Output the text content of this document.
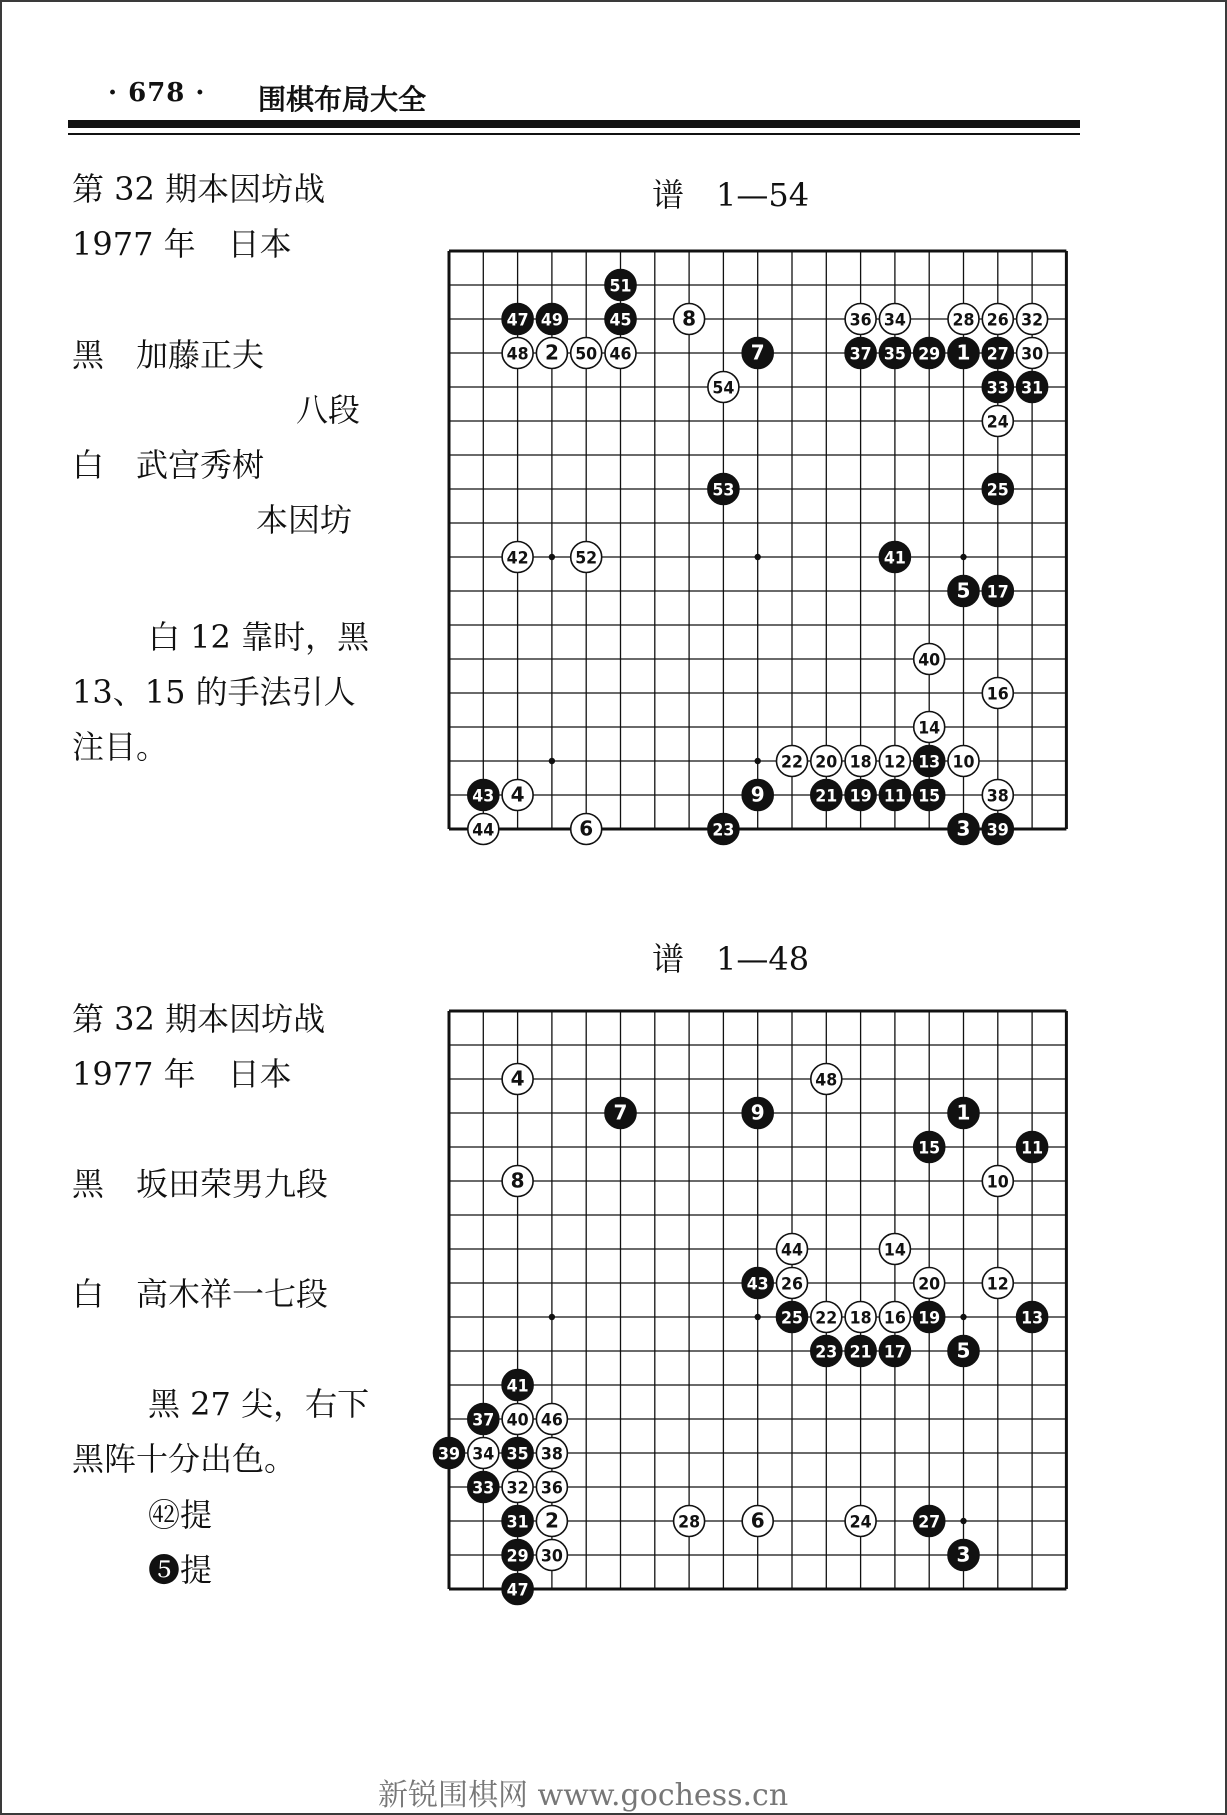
· 678 · 围棋布局大全
第 32 期本因坊战
1977 年　日本
黑　加藤正夫
八段
白　武宫秀树
本因坊
白 12 靠时，黑
13、15 的手法引人
注目。
谱　1—54
1
2
3
4
5
6
7
8
9
10
11
12 13
14
15
16
17
18
19
20
21
22
23
24
25
26
27
28
29	30
31
32
33
34
35
36
37
38
39
40
41
42
43
44
45
46
47
48
49
50
51
52
53
54
谱　1—48
第 32 期本因坊战
1977 年　日本
黑　坂田荣男九段
白　高木祥一七段
黑 27 尖，右下
黑阵十分出色。
㊷提
❺提
1
2
3
4
5
6
7
8
9
10
11
12
13
14
15
16
17
18	19
20
21
22
23
24
25
26
27
28
29 30
31
32
33
34 35
36
37
38
39
40
41
43
44
46
47
48
新锐围棋网 www.gochess.cn
